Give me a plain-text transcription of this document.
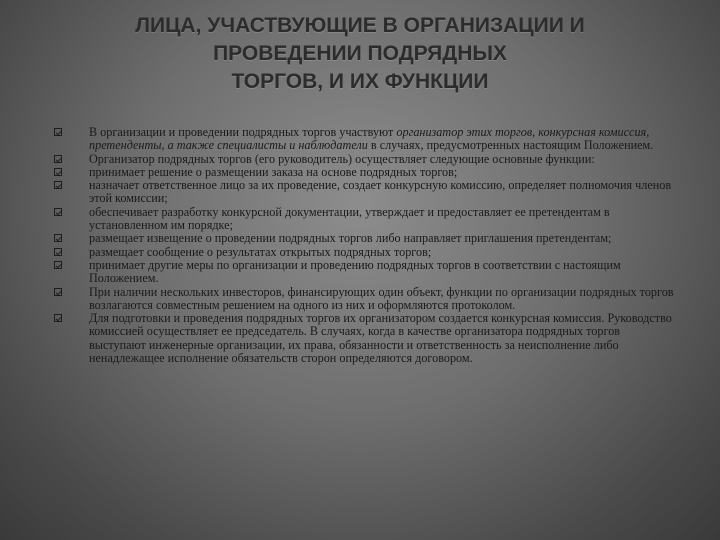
ЛИЦА, УЧАСТВУЮЩИЕ В ОРГАНИЗАЦИИ И
ПРОВЕДЕНИИ ПОДРЯДНЫХ
ТОРГОВ, И ИХ ФУНКЦИИ
В организации и проведении подрядных торгов участвуют организатор этих торгов, конкурсная комиссия, претенденты, а также специалисты и наблюдатели в случаях, предусмотренных настоящим Положением.
Организатор подрядных торгов (его руководитель) осуществляет следующие основные функции:
принимает решение о размещении заказа на основе подрядных торгов;
назначает ответственное лицо за их проведение, создает конкурсную комиссию, определяет полномочия членов этой комиссии;
обеспечивает разработку конкурсной документации, утверждает и предоставляет ее претендентам в установленном им порядке;
размещает извещение о проведении подрядных торгов либо направляет приглашения претендентам;
размещает сообщение о результатах открытых подрядных торгов;
принимает другие меры по организации и проведению подрядных торгов в соответствии с настоящим Положением.
При наличии нескольких инвесторов, финансирующих один объект, функции по организации подрядных торгов возлагаются совместным решением на одного из них и оформляются протоколом.
Для подготовки и проведения подрядных торгов их организатором создается конкурсная комиссия. Руководство комиссией осуществляет ее председатель. В случаях, когда в качестве организатора подрядных торгов выступают инженерные организации, их права, обязанности и ответственность за неисполнение либо ненадлежащее исполнение обязательств сторон определяются договором.
